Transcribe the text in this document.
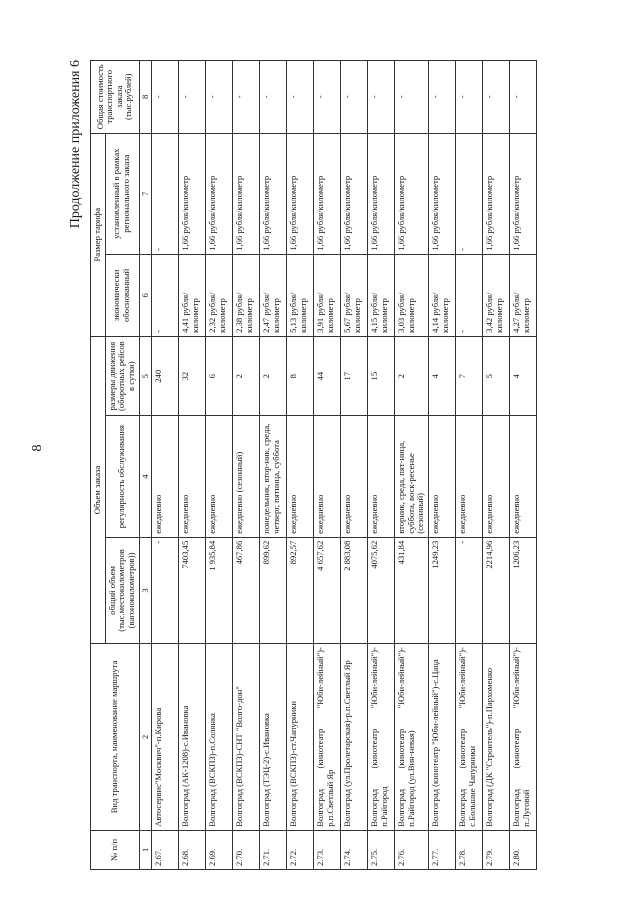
8
Продолжение приложения 6
№ п/п	Вид транспорта, наименование маршрута	Объем заказа			Размер тарифа		Общая стоимость транспортного заказа (тыс.рублей)
		общий объем (тыс.местокилометров (вагонокилометров))	регулярность обслуживания	размеры движения (оборотных рейсов в сутки)	экономически обоснованный	установленный в рамках регионального заказа	
1	2	3	4	5	6	7	8
2.67.	Автосервис"Москвич"-п.Кирова	-	ежедневно	240	-	-	-
2.68.	Волгоград (АК-1208)-с.Ивановка	7403,45	ежедневно	32	4,41 рубля/ километр	1,66 рубля/километр	-
2.69.	Волгоград (ВСКПЗ)-п.Солянка	1 935,84	ежедневно	6	2,32 рубля/ километр	1,66 рубля/километр	-
2.70.	Волгоград (ВСКПЗ)-СНТ "Волго-дон"	467,86	ежедневно (сезонный)	2	2,38 рубля/ километр	1,66 рубля/километр	-
2.71.	Волгоград (ТЭЦ-2)-с.Ивановка	899,62	понедельник, втор-ник, среда, четверг, пятница, суббота	2	2,47 рубля/ километр	1,66 рубля/километр	-
2.72.	Волгоград (ВСКПЗ)-ст.Чапурники	892,57	ежедневно	8	5,13 рубля/ километр	1,66 рубля/километр	-
2.73.	Волгоград (кинотеатр "Юби-лейный")-р.п.Светлый Яр	4 657,62	ежедневно	44	3,91 рубля/ километр	1,66 рубля/километр	-
2.74.	Волгоград (ул.Пролетарская)-р.п.Светлый Яр	2 883,08	ежедневно	17	5,67 рубля/ километр	1,66 рубля/километр	-
2.75.	Волгоград (кинотеатр "Юби-лейный")-п.Райгород	4075,62	ежедневно	15	4,15 рубля/ километр	1,66 рубля/километр	-
2.76.	Волгоград (кинотеатр "Юби-лейный")-п.Райгород (ул.Вин-невая)	431,84	вторник, среда, пят-ница, суббота, воск-ресенье (сезонный)	2	3,03 рубля/ километр	1,66 рубля/километр	-
2.77.	Волгоград (кинотеатр "Юби-лейный")-с.Цаца	1249,23	ежедневно	4	4,14 рубля/ километр	1,66 рубля/километр	-
2.78.	Волгоград (кинотеатр "Юби-лейный")-с.Большие Чапурники	-	ежедневно	7	-	-	-
2.79.	Волгоград (ДК "Строитель")-п.Пархоменко	2214,96	ежедневно	5	3,42 рубля/ километр	1,66 рубля/километр	-
2.80.	Волгоград (кинотеатр "Юби-лейный")-п.Луговой	1206,23	ежедневно	4	4,27 рубля/ километр	1,66 рубля/километр	-
